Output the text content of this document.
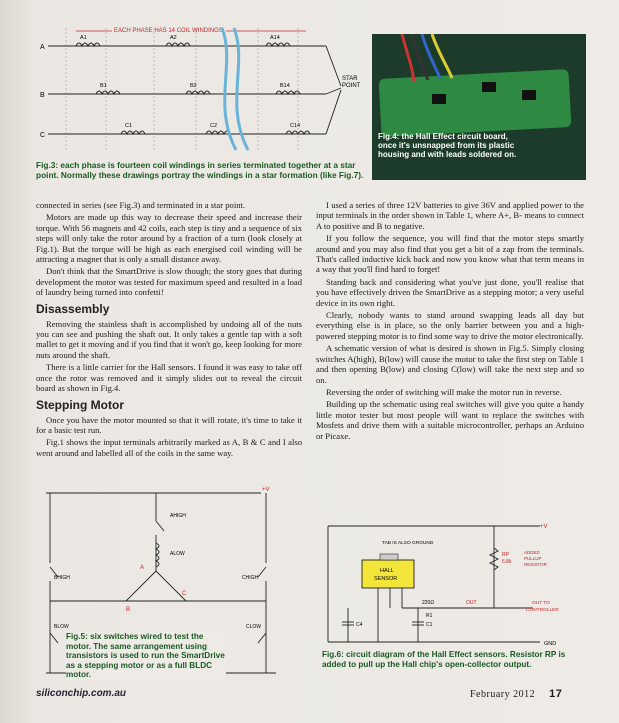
EACH PHASE HAS 14 COIL WINDINGS
A
B
C
A1	A2	A14
B1	B2	B14
C1	C2	C14
STAR
POINT
Fig.4: the Hall Effect circuit board, once it's unsnapped from its plastic housing and with leads soldered on.
Fig.3: each phase is fourteen coil windings in series terminated together at a star point. Normally these drawings portray the windings in a star formation (like Fig.7).

connected in series (see Fig.3) and terminated in a star point.

Motors are made up this way to decrease their speed and increase their torque. With 56 magnets and 42 coils, each step is tiny and a sequence of six steps will only take the rotor around by a fraction of a turn (look closely at Fig.1). But the torque will be high as each energised coil winding will be attracting a magnet that is only a small distance away.

Don't think that the SmartDrive is slow though; the story goes that during development the motor was tested for maximum speed and resulted in a load of laundry being turned into confetti!

Disassembly

Removing the stainless shaft is accomplished by undoing all of the nuts you can see and pushing the shaft out. It only takes a gentle tap with a soft mallet to get it moving and if you find that it won't go, keep looking for more nuts around the shaft.

There is a little carrier for the Hall sensors. I found it was easy to take off once the rotor was removed and it simply slides out to reveal the circuit board as shown in Fig.4.

Stepping Motor

Once you have the motor mounted so that it will rotate, it's time to take it for a basic test run.

Fig.1 shows the input terminals arbitrarily marked as A, B & C and I also went around and labelled all of the coils in the same way.

I used a series of three 12V batteries to give 36V and applied power to the input terminals in the order shown in Table 1, where A+, B- means to connect A to positive and B to negative.

If you follow the sequence, you will find that the motor steps smartly around and you may also find that you get a bit of a zap from the terminals. That's called inductive kick back and now you know what that term means in a way that you'll find hard to forget!

Standing back and considering what you've just done, you'll realise that you have effectively driven the SmartDrive as a stepping motor; a very useful device in its own right.

Clearly, nobody wants to stand around swapping leads all day but everything else is in place, so the only barrier between you and a high-powered stepping motor is to find some way to drive the motor electronically.

A schematic version of what is desired is shown in Fig.5. Simply closing switches A(high), B(low) will cause the motor to take the first step on Table 1 and then opening B(low) and closing C(low) will take the next step and so on.

Reversing the order of switching will make the motor run in reverse.

Building up the schematic using real switches will give you quite a handy little motor tester but most people will want to replace the switches with Mosfets and drive them with a suitable microcontroller, perhaps an Arduino or Picaxe.

+V
AHIGH
ALOW
BHIGH	CHIGH
BLOW	CLOW
A
B
C
Fig.5: six switches wired to test the motor. The same arrangement using transistors is used to run the SmartDrive as a stepping motor or as a full BLDC motor.
+V
TAB IS ALSO GROUND
HALL
SENSOR
RP
6.8k
ADDED
PULLUP
RESISTOR
220Ω
R1
OUT	OUT TO
CONTROLLER
C4	C1
GND
Fig.6: circuit diagram of the Hall Effect sensors. Resistor RP is added to pull up the Hall chip's open-collector output.
siliconchip.com.au	February 2012 17
